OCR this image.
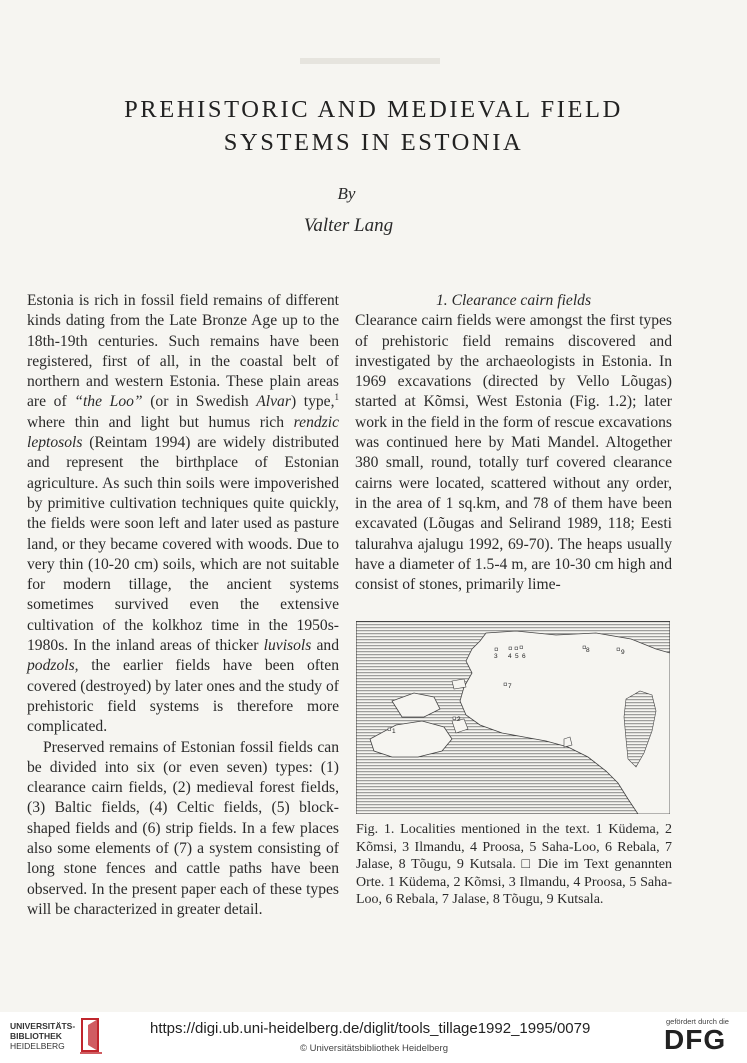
PREHISTORIC AND MEDIEVAL FIELD
SYSTEMS IN ESTONIA
By
Valter Lang

Estonia is rich in fossil field remains of different kinds dating from the Late Bronze Age up to the 18th-19th centuries. Such remains have been registered, first of all, in the coastal belt of northern and western Estonia. These plain areas are of “the Loo” (or in Swedish Alvar) type,$^1$ where thin and light but humus rich rendzic leptosols (Reintam 1994) are widely distributed and represent the birthplace of Estonian agriculture. As such thin soils were impoverished by primitive cultivation techniques quite quickly, the fields were soon left and later used as pasture land, or they became covered with woods. Due to very thin (10-20 cm) soils, which are not suitable for modern tillage, the ancient systems sometimes survived even the extensive cultivation of the kolkhoz time in the 1950s-1980s. In the inland areas of thicker luvisols and podzols, the earlier fields have been often covered (destroyed) by later ones and the study of prehistoric field systems is therefore more complicated.

Preserved remains of Estonian fossil fields can be divided into six (or even seven) types: (1) clearance cairn fields, (2) medieval forest fields, (3) Baltic fields, (4) Celtic fields, (5) block-shaped fields and (6) strip fields. In a few places also some elements of (7) a system consisting of long stone fences and cattle paths have been observed. In the present paper each of these types will be characterized in greater detail.

1. Clearance cairn fields

Clearance cairn fields were amongst the first types of prehistoric field remains discovered and investigated by the archaeologists in Estonia. In 1969 excavations (directed by Vello Lõugas) started at Kõmsi, West Estonia (Fig. 1.2); later work in the field in the form of rescue excavations was continued here by Mati Mandel. Altogether 380 small, round, totally turf covered clearance cairns were located, scattered without any order, in the area of 1 sq.km, and 78 of them have been excavated (Lõugas and Selirand 1989, 118; Eesti talurahva ajalugu 1992, 69-70). The heaps usually have a diameter of 1.5-4 m, are 10-30 cm high and consist of stones, primarily lime-

1
2
3 4 5 6
7
8	9
Fig. 1. Localities mentioned in the text. 1 Küdema, 2 Kõmsi, 3 Ilmandu, 4 Proosa, 5 Saha-Loo, 6 Rebala, 7 Jalase, 8 Tõugu, 9 Kutsala. □ Die im Text genannten Orte. 1 Küdema, 2 Kõmsi, 3 Ilmandu, 4 Proosa, 5 Saha-Loo, 6 Rebala, 7 Jalase, 8 Tõugu, 9 Kutsala.
UNIVERSITÄTS-
BIBLIOTHEK
HEIDELBERG
https://digi.ub.uni-heidelberg.de/diglit/tools_tillage1992_1995/0079
© Universitätsbibliothek Heidelberg
gefördert durch die
DFG
